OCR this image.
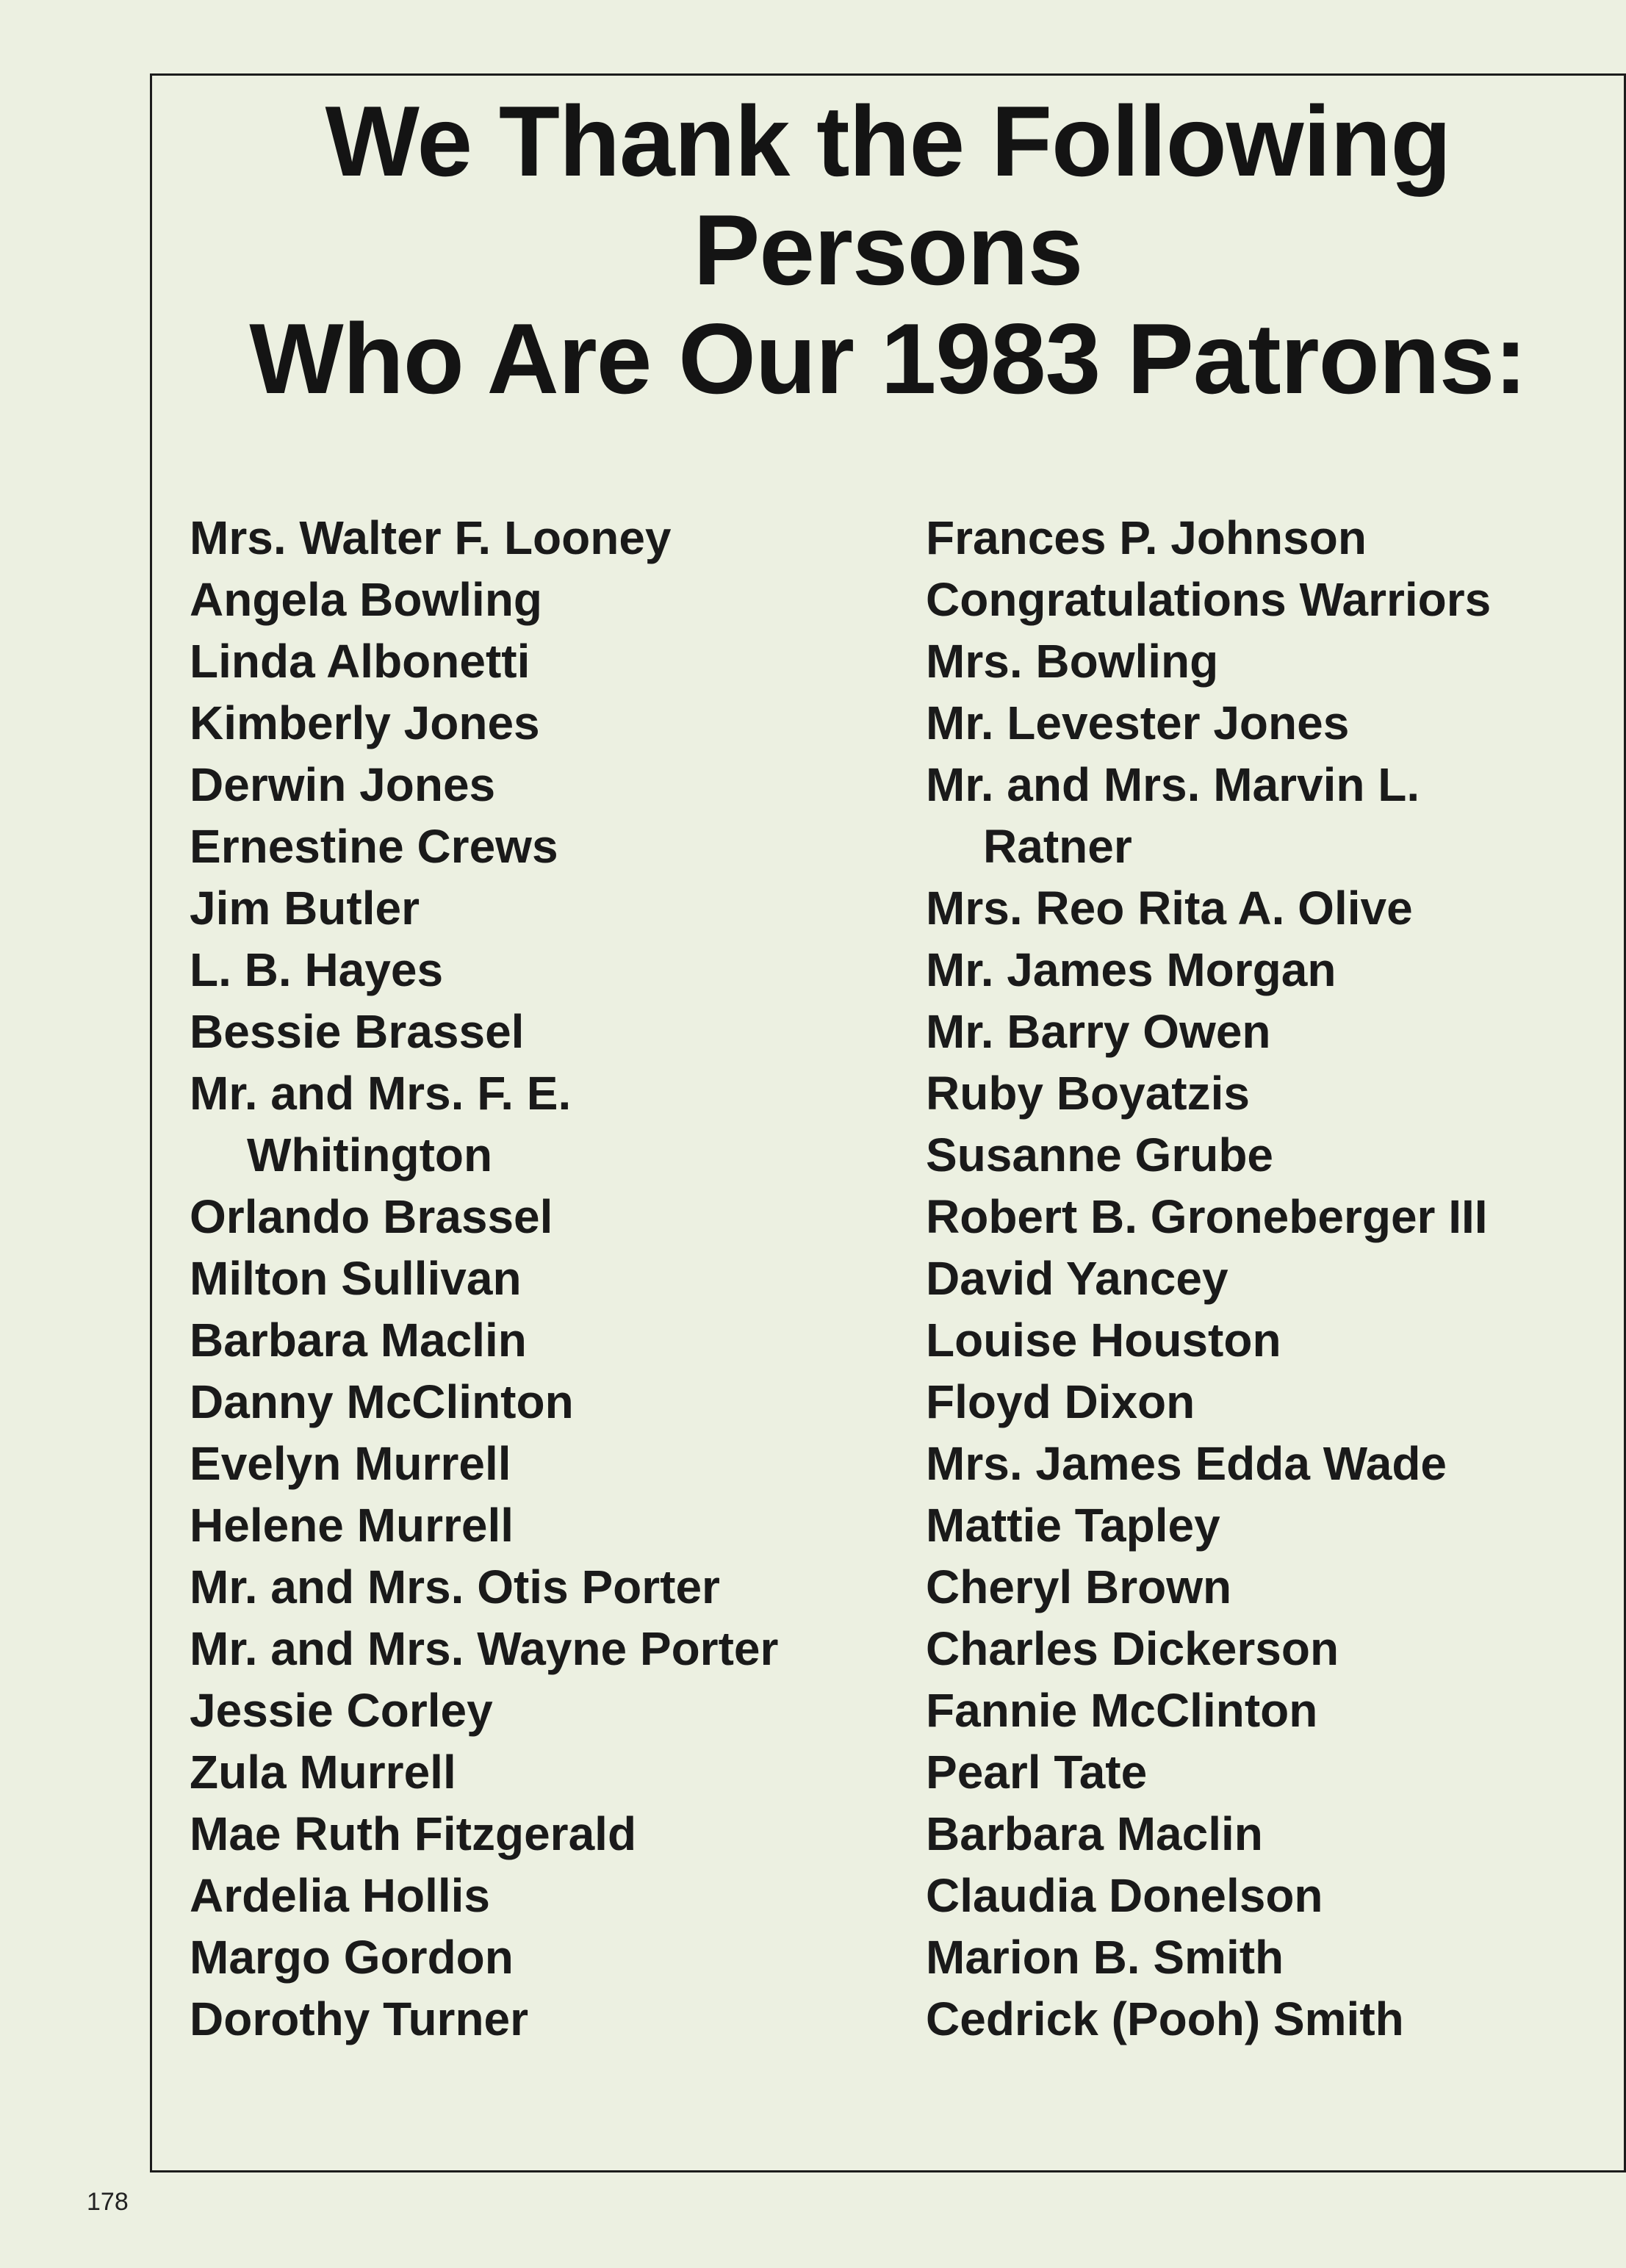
We Thank the Following
Persons
Who Are Our 1983 Patrons:
Mrs. Walter F. Looney
Angela Bowling
Linda Albonetti
Kimberly Jones
Derwin Jones
Ernestine Crews
Jim Butler
L. B. Hayes
Bessie Brassel
Mr. and Mrs. F. E.
Whitington
Orlando Brassel
Milton Sullivan
Barbara Maclin
Danny McClinton
Evelyn Murrell
Helene Murrell
Mr. and Mrs. Otis Porter
Mr. and Mrs. Wayne Porter
Jessie Corley
Zula Murrell
Mae Ruth Fitzgerald
Ardelia Hollis
Margo Gordon
Dorothy Turner
Frances P. Johnson
Congratulations Warriors
Mrs. Bowling
Mr. Levester Jones
Mr. and Mrs. Marvin L.
Ratner
Mrs. Reo Rita A. Olive
Mr. James Morgan
Mr. Barry Owen
Ruby Boyatzis
Susanne Grube
Robert B. Groneberger III
David Yancey
Louise Houston
Floyd Dixon
Mrs. James Edda Wade
Mattie Tapley
Cheryl Brown
Charles Dickerson
Fannie McClinton
Pearl Tate
Barbara Maclin
Claudia Donelson
Marion B. Smith
Cedrick (Pooh) Smith
178
